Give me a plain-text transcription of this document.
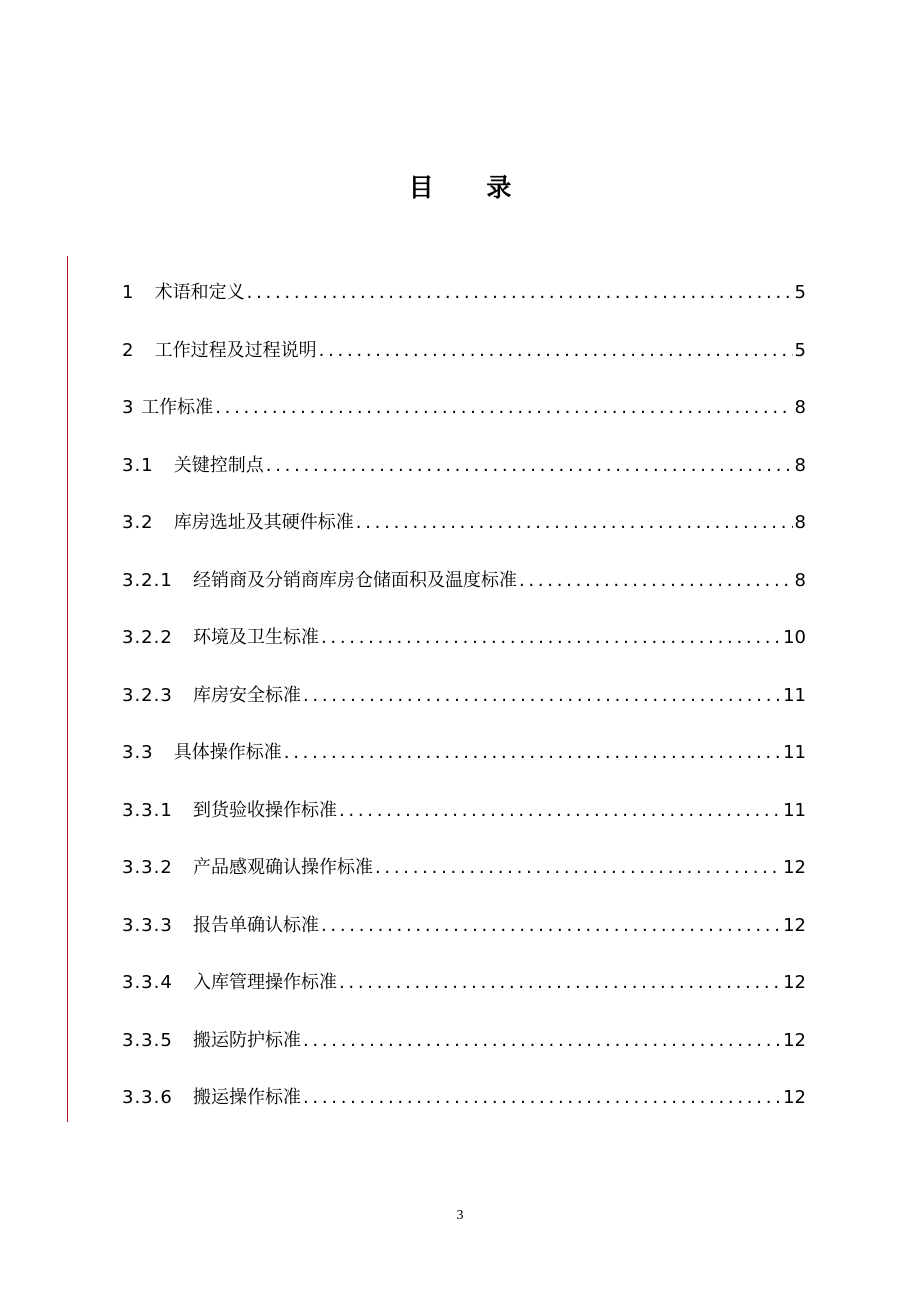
目 录
1 术语和定义 . . .	5
2 工作过程及过程说明 . . .	5
3 工作标准 . . .	8
3.1 关键控制点 . . .	8
3.2 库房选址及其硬件标准 . . .	8
3.2.1 经销商及分销商库房仓储面积及温度标准 . . .	8
3.2.2 环境及卫生标准 . . .	10
3.2.3 库房安全标准 . . .	11
3.3 具体操作标准 . . .	11
3.3.1 到货验收操作标准 . . .	11
3.3.2 产品感观确认操作标准 . . .	12
3.3.3 报告单确认标准 . . .	12
3.3.4 入库管理操作标准 . . .	12
3.3.5 搬运防护标准 . . .	12
3.3.6 搬运操作标准 . . .	12
3
